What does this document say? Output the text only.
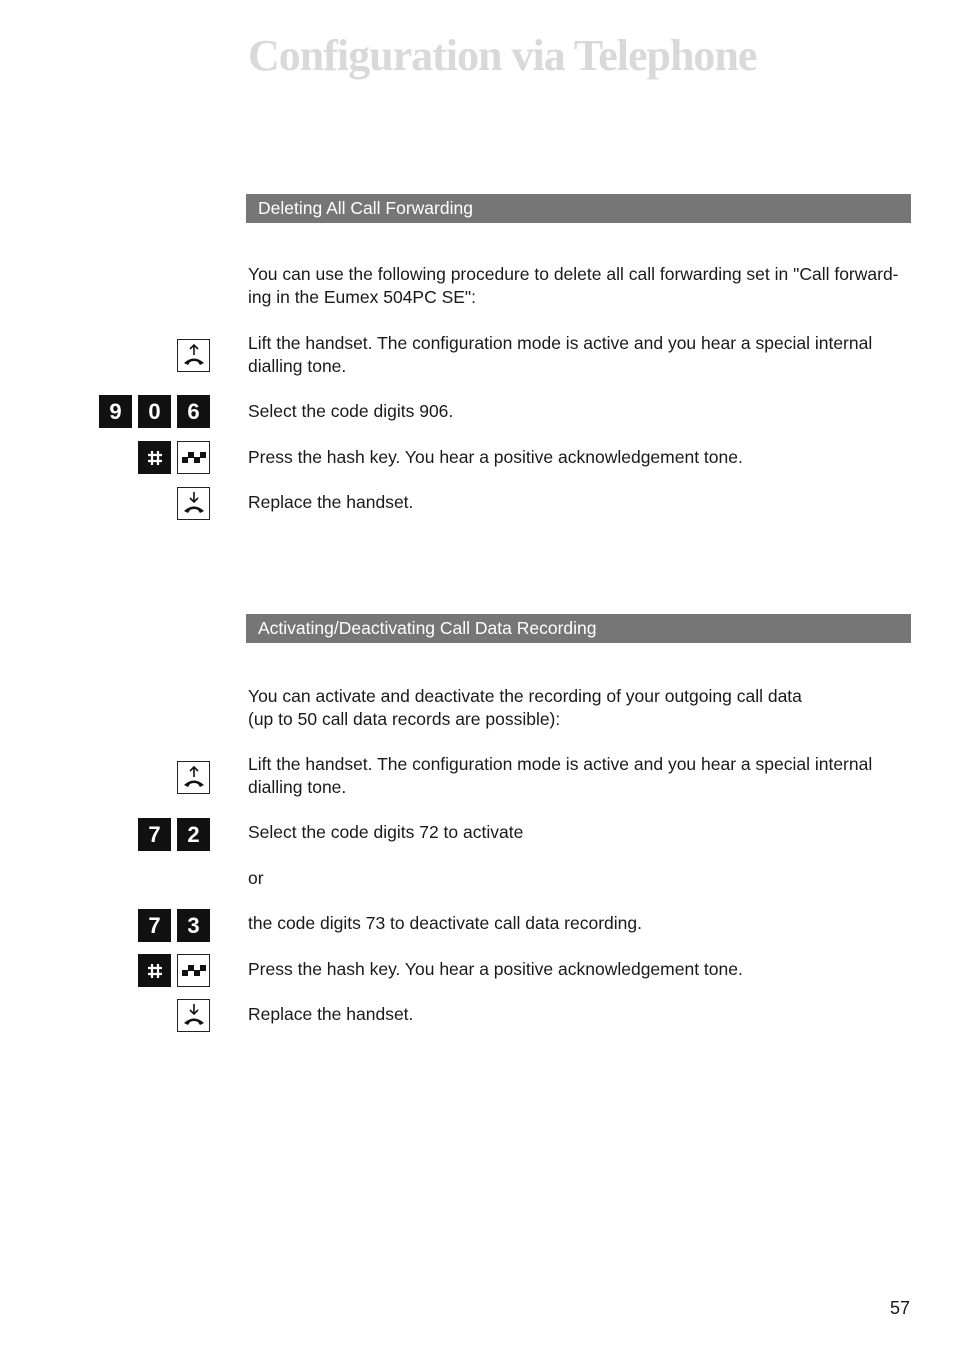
Configuration via Telephone
Deleting All Call Forwarding
You can use the following procedure to delete all call forwarding set in "Call forward-
ing in the Eumex 504PC SE":
Lift the handset. The configuration mode is active and you hear a special internal
dialling tone.
9	0	6	Select the code digits 906.
Press the hash key. You hear a positive acknowledgement tone.
Replace the handset.
Activating/Deactivating Call Data Recording
You can activate and deactivate the recording of your outgoing call data
(up to 50 call data records are possible):
Lift the handset. The configuration mode is active and you hear a special internal
dialling tone.
7	2	Select the code digits 72 to activate
or
7	3	the code digits 73 to deactivate call data recording.
Press the hash key. You hear a positive acknowledgement tone.
Replace the handset.
57
